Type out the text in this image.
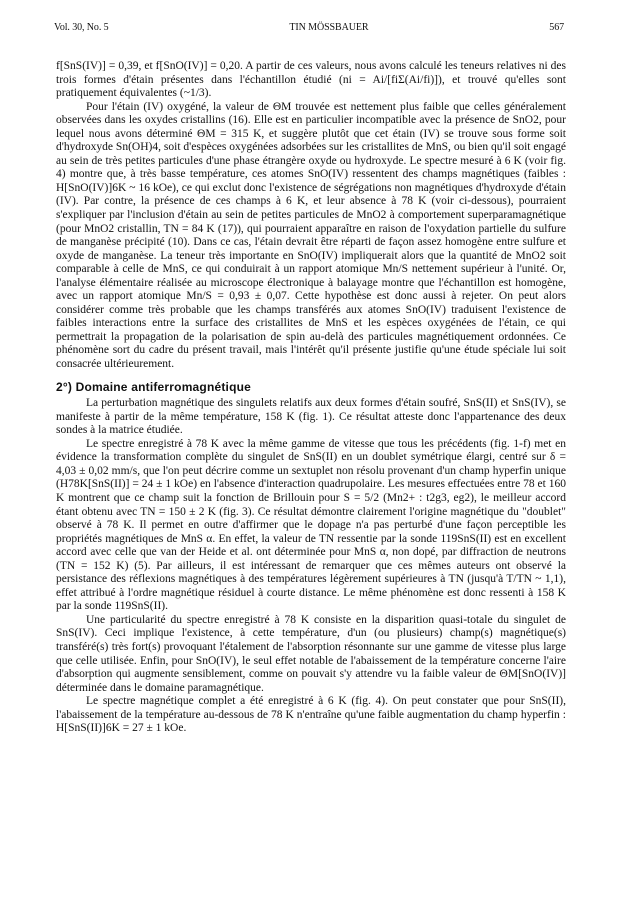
Vol. 30, No. 5	TIN MÖSSBAUER	567

f[SnS(IV)] = 0,39, et f[SnO(IV)] = 0,20. A partir de ces valeurs, nous avons calculé les teneurs relatives ni des trois formes d'étain présentes dans l'échantillon étudié (ni = Ai/[fiΣ(Ai/fi)]), et trouvé qu'elles sont pratiquement équivalentes (~1/3).

Pour l'étain (IV) oxygéné, la valeur de ΘM trouvée est nettement plus faible que celles généralement observées dans les oxydes cristallins (16). Elle est en particulier incompatible avec la présence de SnO2, pour lequel nous avons déterminé ΘM = 315 K, et suggère plutôt que cet étain (IV) se trouve sous forme soit d'hydroxyde Sn(OH)4, soit d'espèces oxygénées adsorbées sur les cristallites de MnS, ou bien qu'il soit engagé au sein de très petites particules d'une phase étrangère oxyde ou hydroxyde. Le spectre mesuré à 6 K (voir fig. 4) montre que, à très basse température, ces atomes SnO(IV) ressentent des champs magnétiques (faibles : H[SnO(IV)]6K ~ 16 kOe), ce qui exclut donc l'existence de ségrégations non magnétiques d'hydroxyde d'étain (IV). Par contre, la présence de ces champs à 6 K, et leur absence à 78 K (voir ci-dessous), pourraient s'expliquer par l'inclusion d'étain au sein de petites particules de MnO2 à comportement superparamagnétique (pour MnO2 cristallin, TN = 84 K (17)), qui pourraient apparaître en raison de l'oxydation partielle du sulfure de manganèse précipité (10). Dans ce cas, l'étain devrait être réparti de façon assez homogène entre sulfure et oxyde de manganèse. La teneur très importante en SnO(IV) impliquerait alors que la quantité de MnO2 soit comparable à celle de MnS, ce qui conduirait à un rapport atomique Mn/S nettement supérieur à l'unité. Or, l'analyse élémentaire réalisée au microscope électronique à balayage montre que l'échantillon est homogène, avec un rapport atomique Mn/S = 0,93 ± 0,07. Cette hypothèse est donc aussi à rejeter. On peut alors considérer comme très probable que les champs transférés aux atomes SnO(IV) traduisent l'existence de faibles interactions entre la surface des cristallites de MnS et les espèces oxygénées de l'étain, ce qui permettrait la propagation de la polarisation de spin au-delà des particules magnétiquement ordonnées. Ce phénomène sort du cadre du présent travail, mais l'intérêt qu'il présente justifie qu'une étude spéciale lui soit consacrée ultérieurement.

2°) Domaine antiferromagnétique

La perturbation magnétique des singulets relatifs aux deux formes d'étain soufré, SnS(II) et SnS(IV), se manifeste à partir de la même température, 158 K (fig. 1). Ce résultat atteste donc l'appartenance des deux sondes à la matrice étudiée.

Le spectre enregistré à 78 K avec la même gamme de vitesse que tous les précédents (fig. 1-f) met en évidence la transformation complète du singulet de SnS(II) en un doublet symétrique élargi, centré sur δ = 4,03 ± 0,02 mm/s, que l'on peut décrire comme un sextuplet non résolu provenant d'un champ hyperfin unique (H78K[SnS(II)] = 24 ± 1 kOe) en l'absence d'interaction quadrupolaire. Les mesures effectuées entre 78 et 160 K montrent que ce champ suit la fonction de Brillouin pour S = 5/2 (Mn2+ : t2g3, eg2), le meilleur accord étant obtenu avec TN = 150 ± 2 K (fig. 3). Ce résultat démontre clairement l'origine magnétique du "doublet" observé à 78 K. Il permet en outre d'affirmer que le dopage n'a pas perturbé d'une façon perceptible les propriétés magnétiques de MnS α. En effet, la valeur de TN ressentie par la sonde 119SnS(II) est en excellent accord avec celle que van der Heide et al. ont déterminée pour MnS α, non dopé, par diffraction de neutrons (TN = 152 K) (5). Par ailleurs, il est intéressant de remarquer que ces mêmes auteurs ont observé la persistance des réflexions magnétiques à des températures légèrement supérieures à TN (jusqu'à T/TN ~ 1,1), effet attribué à l'ordre magnétique résiduel à courte distance. Le même phénomène est donc ressenti à 158 K par la sonde 119SnS(II).

Une particularité du spectre enregistré à 78 K consiste en la disparition quasi-totale du singulet de SnS(IV). Ceci implique l'existence, à cette température, d'un (ou plusieurs) champ(s) magnétique(s) transféré(s) très fort(s) provoquant l'étalement de l'absorption résonnante sur une gamme de vitesse plus large que celle utilisée. Enfin, pour SnO(IV), le seul effet notable de l'abaissement de la température concerne l'aire d'absorption qui augmente sensiblement, comme on pouvait s'y attendre vu la faible valeur de ΘM[SnO(IV)] déterminée dans le domaine paramagnétique.

Le spectre magnétique complet a été enregistré à 6 K (fig. 4). On peut constater que pour SnS(II), l'abaissement de la température au-dessous de 78 K n'entraîne qu'une faible augmentation du champ hyperfin : H[SnS(II)]6K = 27 ± 1 kOe.
